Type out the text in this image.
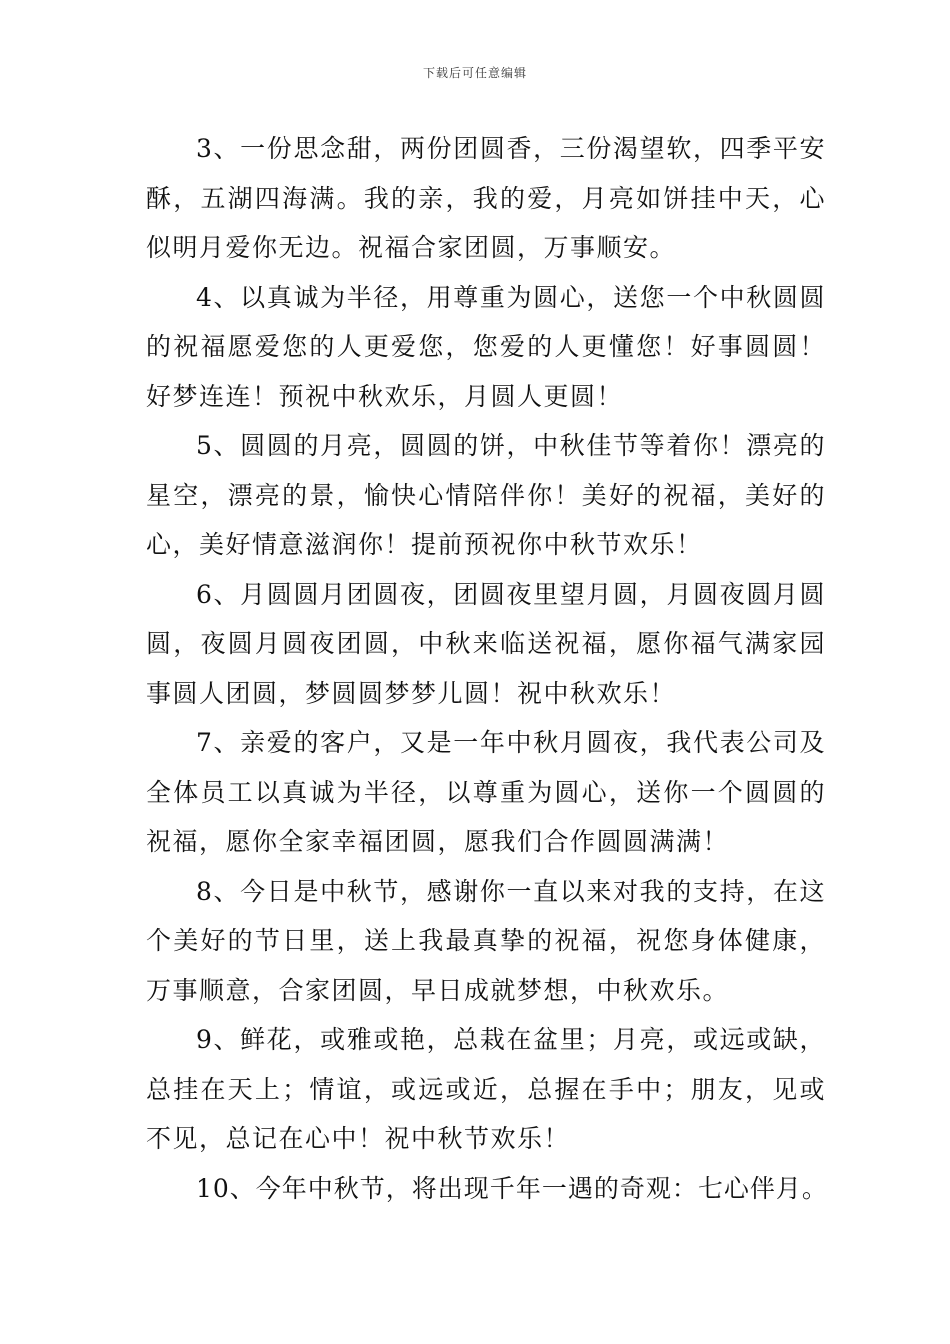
下载后可任意编辑

3、一份思念甜，两份团圆香，三份渴望软，四季平安酥，五湖四海满。我的亲，我的爱，月亮如饼挂中天，心似明月爱你无边。祝福合家团圆，万事顺安。

4、以真诚为半径，用尊重为圆心，送您一个中秋圆圆的祝福愿爱您的人更爱您，您爱的人更懂您！好事圆圆！好梦连连！预祝中秋欢乐，月圆人更圆！

5、圆圆的月亮，圆圆的饼，中秋佳节等着你！漂亮的星空，漂亮的景，愉快心情陪伴你！美好的祝福，美好的心，美好情意滋润你！提前预祝你中秋节欢乐！

6、月圆圆月团圆夜，团圆夜里望月圆，月圆夜圆月圆圆，夜圆月圆夜团圆，中秋来临送祝福，愿你福气满家园事圆人团圆，梦圆圆梦梦儿圆！祝中秋欢乐！

7、亲爱的客户，又是一年中秋月圆夜，我代表公司及全体员工以真诚为半径，以尊重为圆心，送你一个圆圆的祝福，愿你全家幸福团圆，愿我们合作圆圆满满！

8、今日是中秋节，感谢你一直以来对我的支持，在这个美好的节日里，送上我最真挚的祝福，祝您身体健康，万事顺意，合家团圆，早日成就梦想，中秋欢乐。

9、鲜花，或雅或艳，总栽在盆里；月亮，或远或缺，总挂在天上；情谊，或远或近，总握在手中；朋友，见或不见，总记在心中！祝中秋节欢乐！

10、今年中秋节，将出现千年一遇的奇观：七心伴月。
